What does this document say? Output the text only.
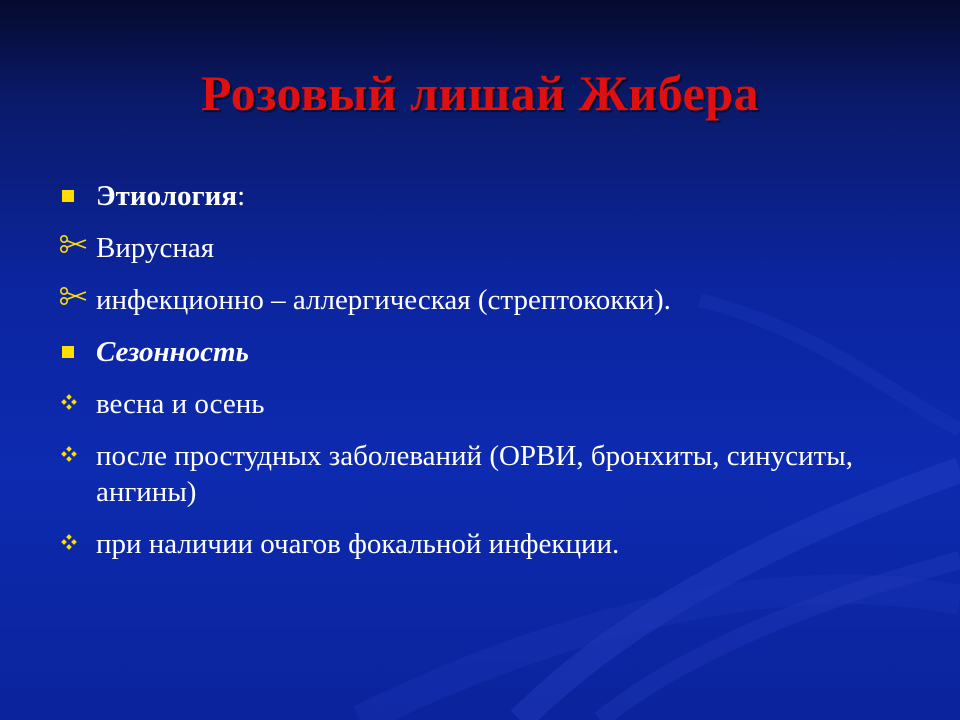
Розовый лишай Жибера
Этиология:
Вирусная
инфекционно – аллергическая (стрептококки).
Сезонность
весна и осень
после простудных заболеваний (ОРВИ, бронхиты, синуситы, ангины)
при наличии очагов фокальной инфекции.
